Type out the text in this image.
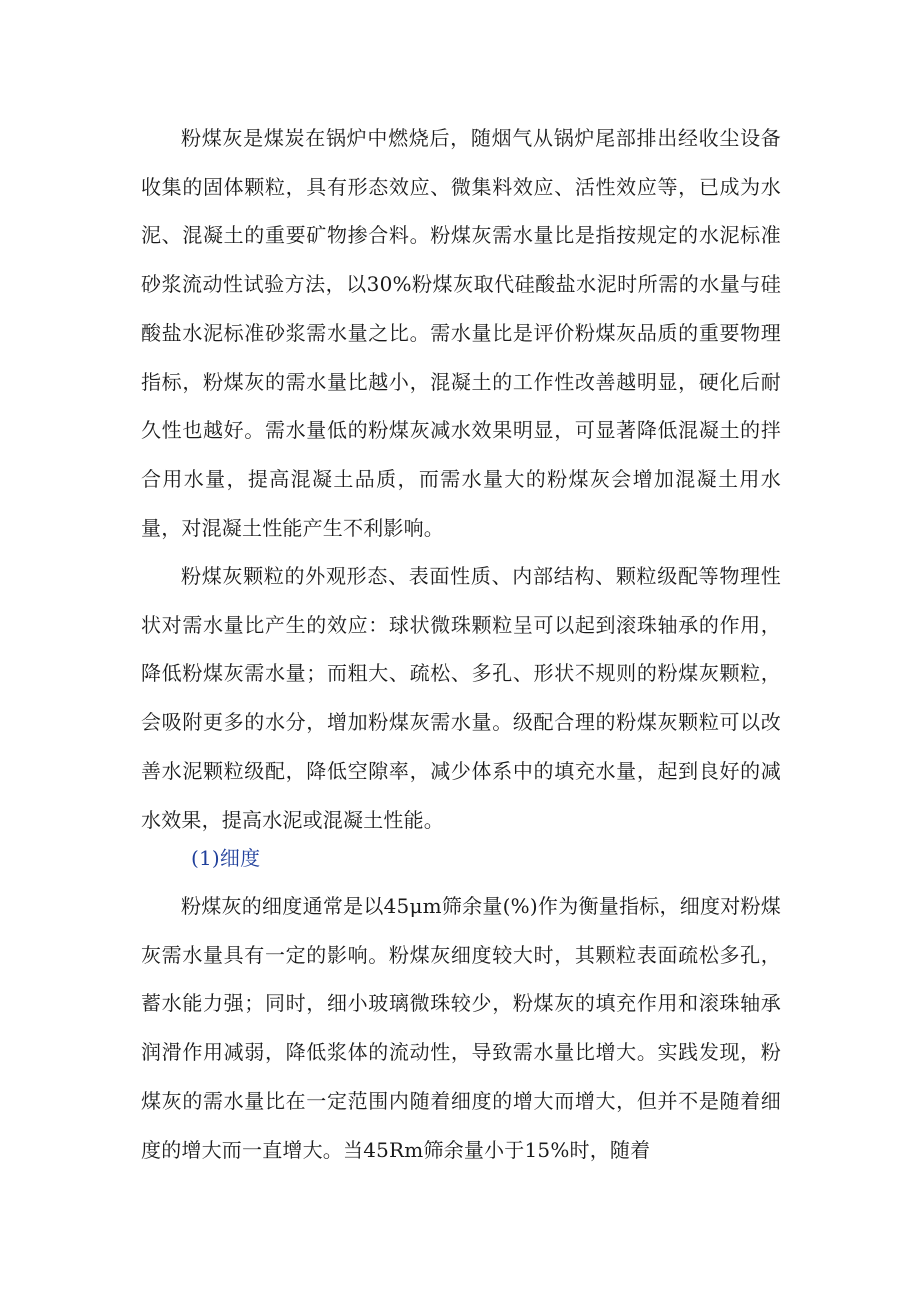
粉煤灰是煤炭在锅炉中燃烧后，随烟气从锅炉尾部排出经收尘设备收集的固体颗粒，具有形态效应、微集料效应、活性效应等，已成为水泥、混凝土的重要矿物掺合料。粉煤灰需水量比是指按规定的水泥标准砂浆流动性试验方法，以30%粉煤灰取代硅酸盐水泥时所需的水量与硅酸盐水泥标准砂浆需水量之比。需水量比是评价粉煤灰品质的重要物理指标，粉煤灰的需水量比越小，混凝土的工作性改善越明显，硬化后耐久性也越好。需水量低的粉煤灰减水效果明显，可显著降低混凝土的拌合用水量，提高混凝土品质，而需水量大的粉煤灰会增加混凝土用水量，对混凝土性能产生不利影响。

粉煤灰颗粒的外观形态、表面性质、内部结构、颗粒级配等物理性状对需水量比产生的效应：球状微珠颗粒呈可以起到滚珠轴承的作用，降低粉煤灰需水量；而粗大、疏松、多孔、形状不规则的粉煤灰颗粒，会吸附更多的水分，增加粉煤灰需水量。级配合理的粉煤灰颗粒可以改善水泥颗粒级配，降低空隙率，减少体系中的填充水量，起到良好的减水效果，提高水泥或混凝土性能。

(1)细度

粉煤灰的细度通常是以45μm筛余量(%)作为衡量指标，细度对粉煤灰需水量具有一定的影响。粉煤灰细度较大时，其颗粒表面疏松多孔，蓄水能力强；同时，细小玻璃微珠较少，粉煤灰的填充作用和滚珠轴承润滑作用减弱，降低浆体的流动性，导致需水量比增大。实践发现，粉煤灰的需水量比在一定范围内随着细度的增大而增大，但并不是随着细度的增大而一直增大。当45Rm筛余量小于15%时，随着
